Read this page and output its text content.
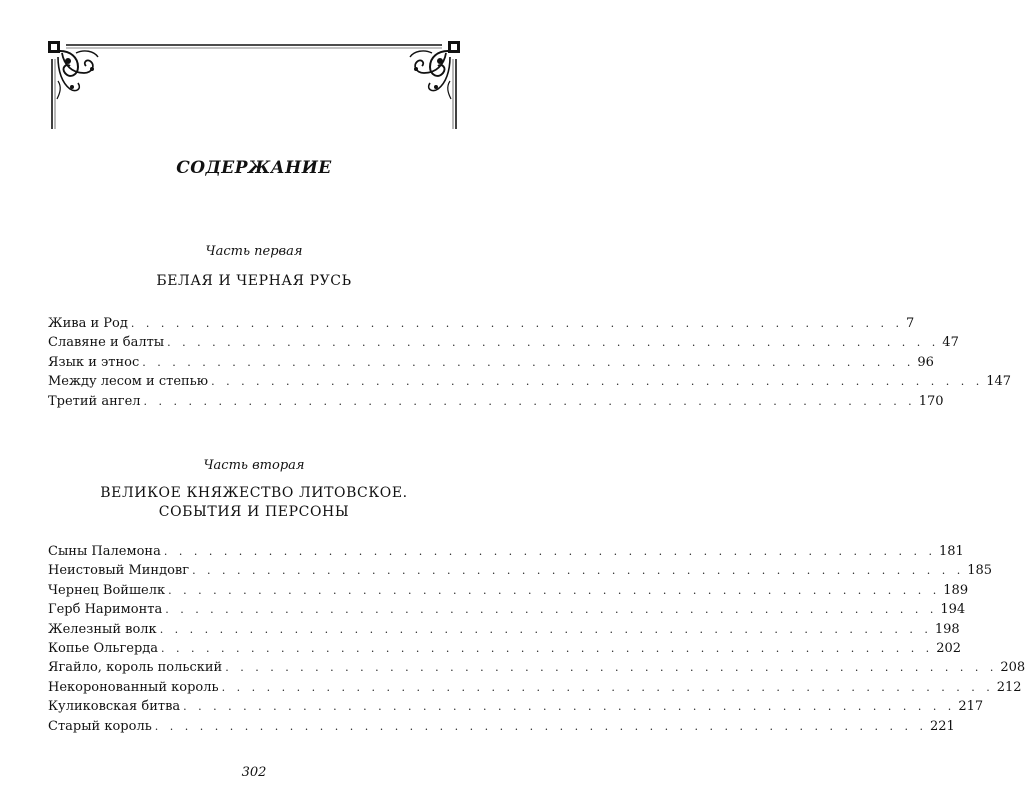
СОДЕРЖАНИЕ
Часть первая
БЕЛАЯ И ЧЕРНАЯ РУСЬ
Жива и Род . . . . . . . . . . . . . . . . . . . . . . . . . . . . . . . . . . . . . . . . . . . . . . . . . . . . 7
Славяне и балты . . . . . . . . . . . . . . . . . . . . . . . . . . . . . . . . . . . . . . . . . . . . . . . . . . . . 47
Язык и этнос . . . . . . . . . . . . . . . . . . . . . . . . . . . . . . . . . . . . . . . . . . . . . . . . . . . . 96
Между лесом и степью . . . . . . . . . . . . . . . . . . . . . . . . . . . . . . . . . . . . . . . . . . . . . . . . . . . . 147
Третий ангел . . . . . . . . . . . . . . . . . . . . . . . . . . . . . . . . . . . . . . . . . . . . . . . . . . . . 170
Часть вторая
ВЕЛИКОЕ КНЯЖЕСТВО ЛИТОВСКОЕ.
СОБЫТИЯ И ПЕРСОНЫ
Сыны Палемона . . . . . . . . . . . . . . . . . . . . . . . . . . . . . . . . . . . . . . . . . . . . . . . . . . . . 181
Неистовый Миндовг . . . . . . . . . . . . . . . . . . . . . . . . . . . . . . . . . . . . . . . . . . . . . . . . . . . . 185
Чернец Войшелк . . . . . . . . . . . . . . . . . . . . . . . . . . . . . . . . . . . . . . . . . . . . . . . . . . . . 189
Герб Наримонта . . . . . . . . . . . . . . . . . . . . . . . . . . . . . . . . . . . . . . . . . . . . . . . . . . . . 194
Железный волк . . . . . . . . . . . . . . . . . . . . . . . . . . . . . . . . . . . . . . . . . . . . . . . . . . . . 198
Копье Ольгерда . . . . . . . . . . . . . . . . . . . . . . . . . . . . . . . . . . . . . . . . . . . . . . . . . . . . 202
Ягайло, король польский . . . . . . . . . . . . . . . . . . . . . . . . . . . . . . . . . . . . . . . . . . . . . . . . . . . . 208
Некоронованный король . . . . . . . . . . . . . . . . . . . . . . . . . . . . . . . . . . . . . . . . . . . . . . . . . . . . 212
Куликовская битва . . . . . . . . . . . . . . . . . . . . . . . . . . . . . . . . . . . . . . . . . . . . . . . . . . . . 217
Старый король . . . . . . . . . . . . . . . . . . . . . . . . . . . . . . . . . . . . . . . . . . . . . . . . . . . . 221
302
